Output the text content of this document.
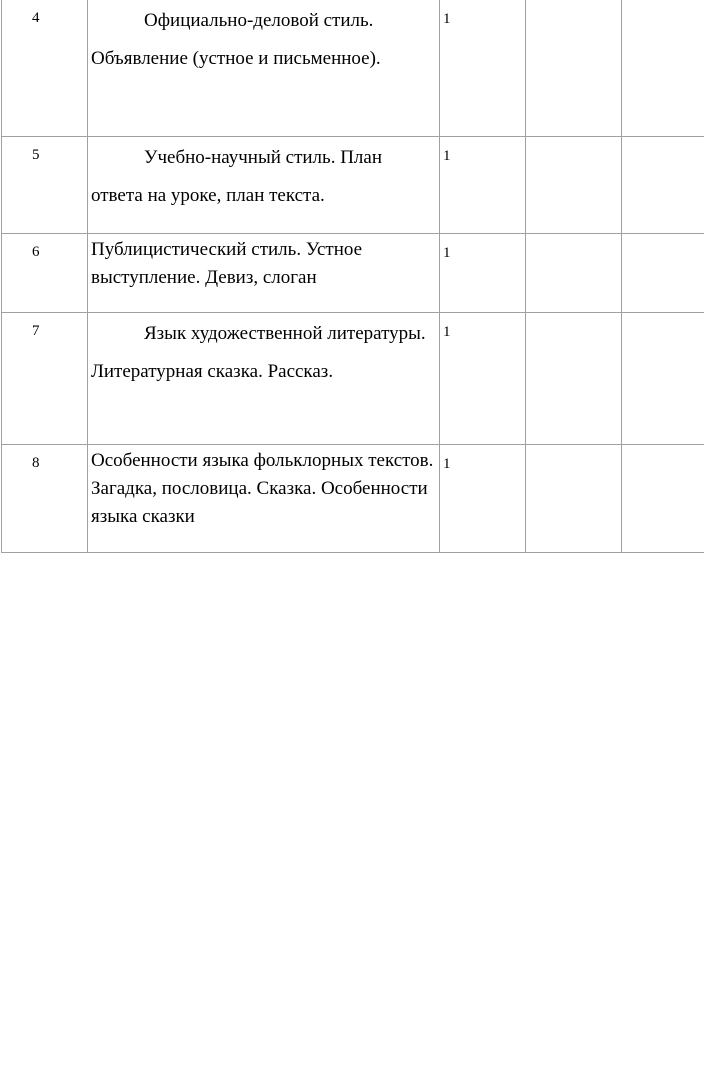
4	Официально-деловой стиль. Объявление (устное и письменное).	1		
5	Учебно-научный стиль. План ответа на уроке, план текста.	1		
6	Публицистический стиль. Устное выступление. Девиз, слоган	1		
7	Язык художественной литературы. Литературная сказка. Рассказ.	1		
8	Особенности языка фольклорных текстов. Загадка, пословица. Сказка. Особенности языка сказки	1		
